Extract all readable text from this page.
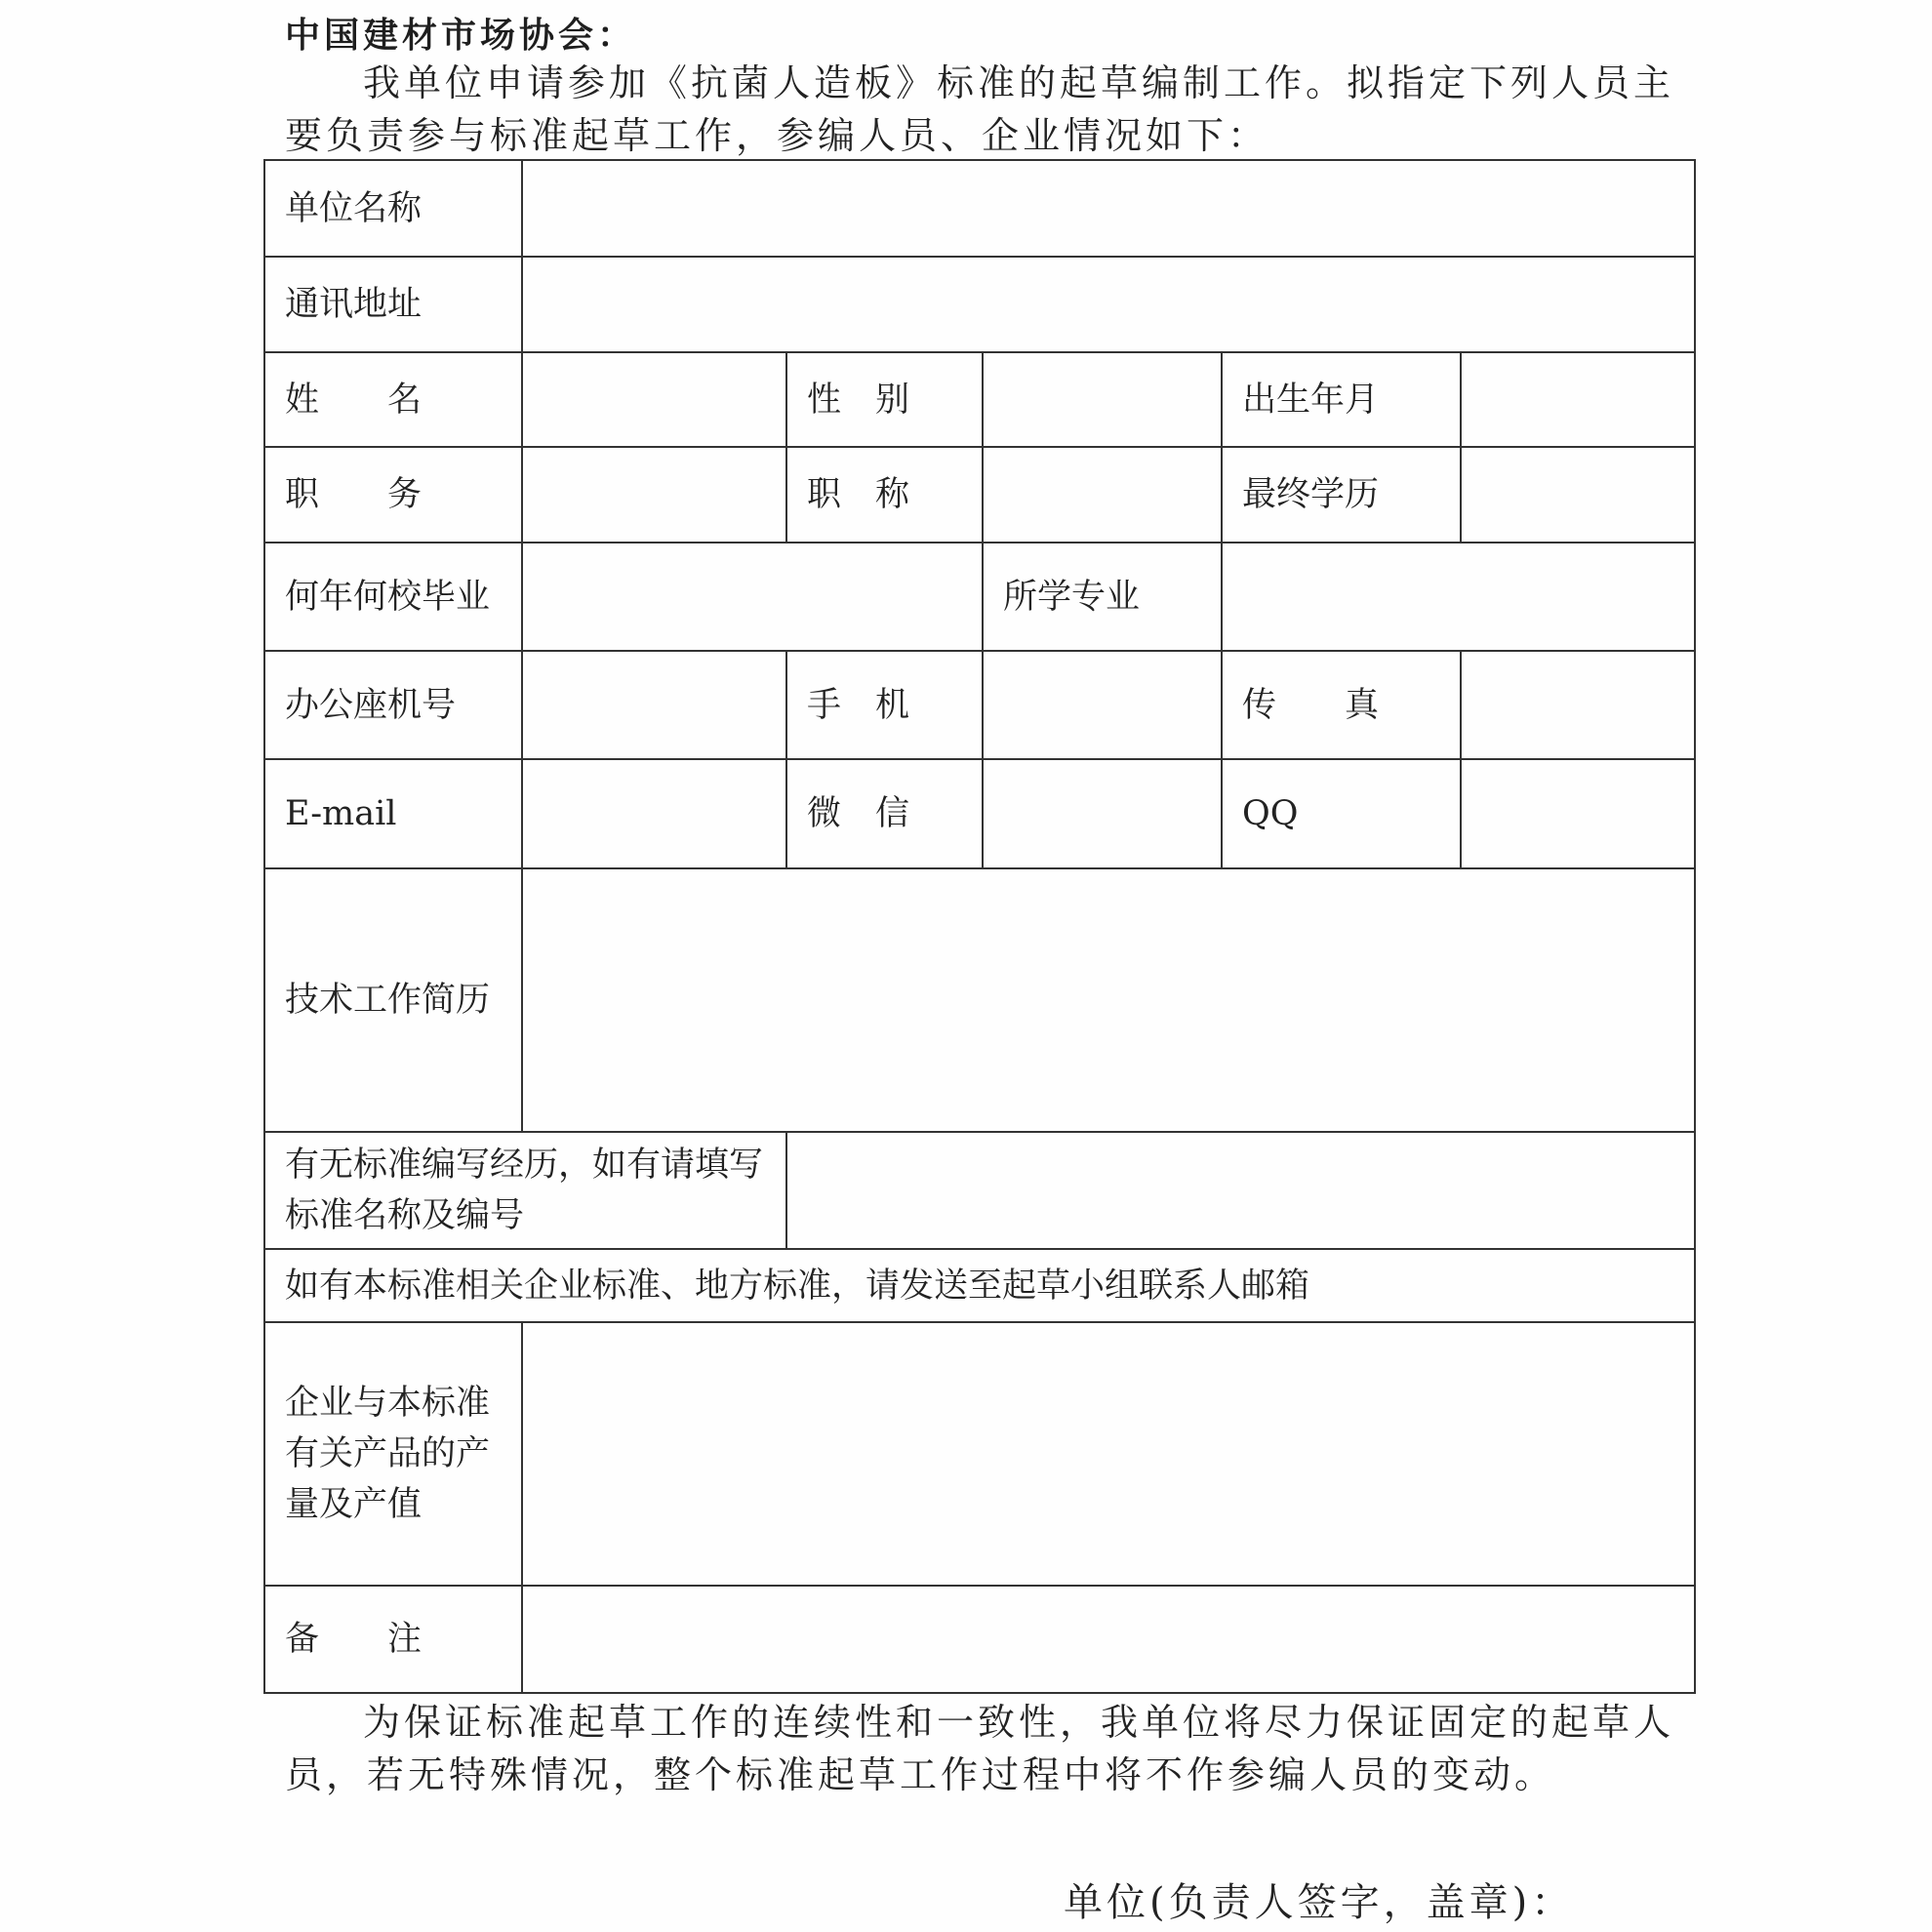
中国建材市场协会：

我单位申请参加《抗菌人造板》标准的起草编制工作。拟指定下列人员主要负责参与标准起草工作，参编人员、企业情况如下：

单位名称					
通讯地址					
姓　　名		性　别		出生年月	
职　　务		职　称		最终学历	
何年何校毕业			所学专业		
办公座机号		手　机		传　　真	
E-mail		微　信		QQ	
技术工作简历					
有无标准编写经历，如有请填写标准名称及编号					
如有本标准相关企业标准、地方标准，请发送至起草小组联系人邮箱					
企业与本标准有关产品的产量及产值					
备　　注					

为保证标准起草工作的连续性和一致性，我单位将尽力保证固定的起草人员，若无特殊情况，整个标准起草工作过程中将不作参编人员的变动。

单位(负责人签字，盖章)：
